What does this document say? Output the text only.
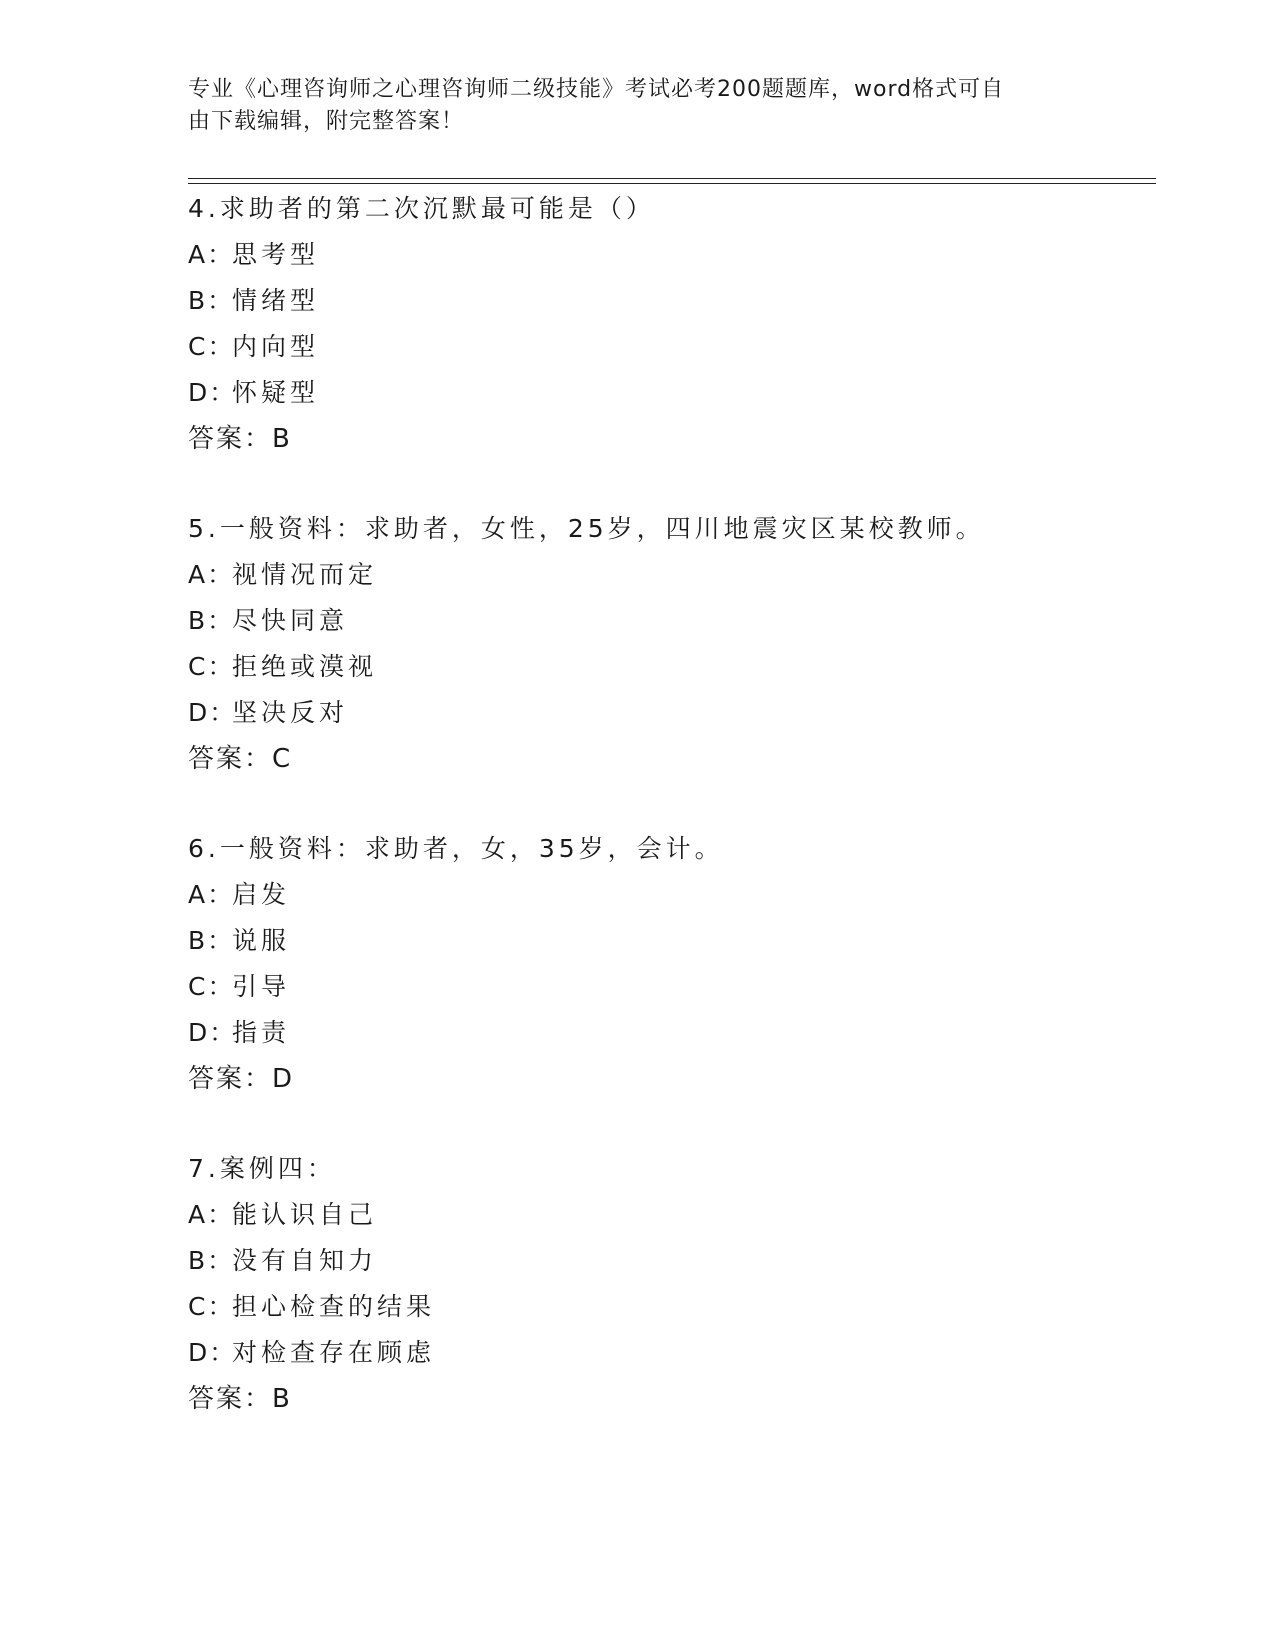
专业《心理咨询师之心理咨询师二级技能》考试必考200题题库，word格式可自
由下载编辑，附完整答案！
4.求助者的第二次沉默最可能是（）
A：思考型
B：情绪型
C：内向型
D：怀疑型
答案：B
5.一般资料：求助者，女性，25岁，四川地震灾区某校教师。
A：视情况而定
B：尽快同意
C：拒绝或漠视
D：坚决反对
答案：C
6.一般资料：求助者，女，35岁，会计。
A：启发
B：说服
C：引导
D：指责
答案：D
7.案例四：
A：能认识自己
B：没有自知力
C：担心检查的结果
D：对检查存在顾虑
答案：B
